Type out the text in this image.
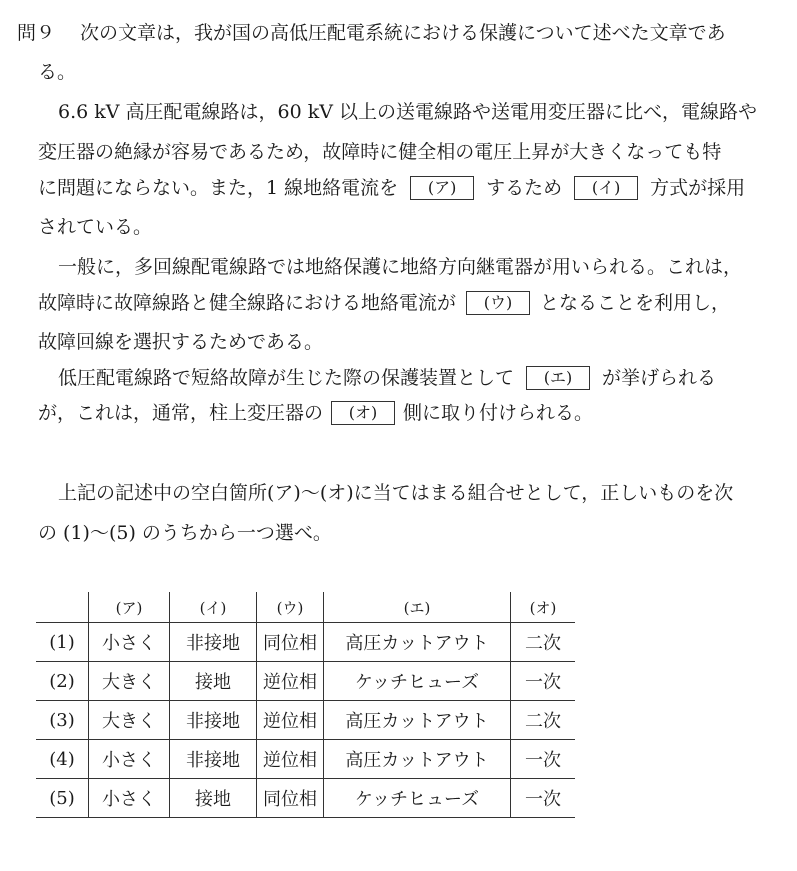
問９ 次の文章は，我が国の高低圧配電系統における保護について述べた文章であ
る。
6.6 kV 高圧配電線路は，60 kV 以上の送電線路や送電用変圧器に比べ，電線路や
変圧器の絶縁が容易であるため，故障時に健全相の電圧上昇が大きくなっても特
に問題にならない。また，1 線地絡電流を	(ア)	するため	(イ)	方式が採用
されている。
一般に，多回線配電線路では地絡保護に地絡方向継電器が用いられる。これは，
故障時に故障線路と健全線路における地絡電流が	(ウ)	となることを利用し，
故障回線を選択するためである。
低圧配電線路で短絡故障が生じた際の保護装置として	(エ)	が挙げられる
が，これは，通常，柱上変圧器の	(オ)	側に取り付けられる。
上記の記述中の空白箇所(ア)～(オ)に当てはまる組合せとして，正しいものを次
の (1)～(5) のうちから一つ選べ。
	(ア)	(イ)	(ウ)	(エ)	(オ)
(1)	小さく	非接地	同位相	高圧カットアウト	二次
(2)	大きく	接地	逆位相	ケッチヒューズ	一次
(3)	大きく	非接地	逆位相	高圧カットアウト	二次
(4)	小さく	非接地	逆位相	高圧カットアウト	一次
(5)	小さく	接地	同位相	ケッチヒューズ	一次
